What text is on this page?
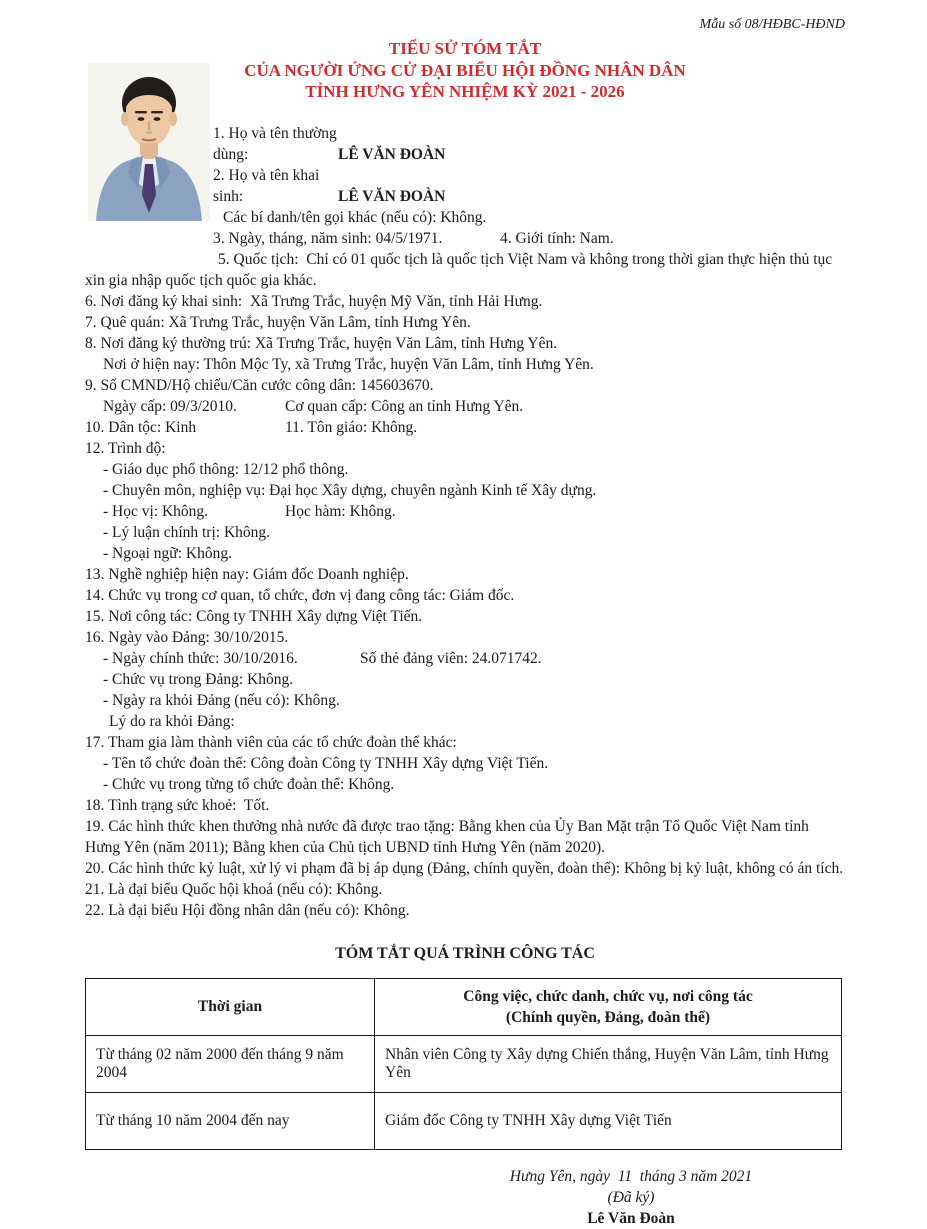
Mẫu số 08/HĐBC-HĐND
TIỂU SỬ TÓM TẮT
CỦA NGƯỜI ỨNG CỬ ĐẠI BIỂU HỘI ĐỒNG NHÂN DÂN
TỈNH HƯNG YÊN NHIỆM KỲ 2021 - 2026

1. Họ và tên thường dùng:	LÊ VĂN ĐOÀN

2. Họ và tên khai sinh:	LÊ VĂN ĐOÀN

Các bí danh/tên gọi khác (nếu có): Không.

3. Ngày, tháng, năm sinh: 04/5/1971.	4. Giới tính: Nam.

5. Quốc tịch:  Chỉ có 01 quốc tịch là quốc tịch Việt Nam và không trong thời gian thực hiện thủ tục xin gia nhập quốc tịch quốc gia khác.

6. Nơi đăng ký khai sinh:  Xã Trưng Trắc, huyện Mỹ Văn, tỉnh Hải Hưng.

7. Quê quán: Xã Trưng Trắc, huyện Văn Lâm, tỉnh Hưng Yên.

8. Nơi đăng ký thường trú: Xã Trưng Trắc, huyện Văn Lâm, tỉnh Hưng Yên.

Nơi ở hiện nay: Thôn Mộc Ty, xã Trưng Trắc, huyện Văn Lâm, tỉnh Hưng Yên.

9. Số CMND/Hộ chiếu/Căn cước công dân: 145603670.

Ngày cấp: 09/3/2010.	Cơ quan cấp: Công an tỉnh Hưng Yên.

10. Dân tộc: Kinh	11. Tôn giáo: Không.

12. Trình độ:

- Giáo dục phổ thông: 12/12 phổ thông.

- Chuyên môn, nghiệp vụ: Đại học Xây dựng, chuyên ngành Kinh tế Xây dựng.

- Học vị: Không.	Học hàm: Không.

- Lý luận chính trị: Không.

- Ngoại ngữ: Không.

13. Nghề nghiệp hiện nay: Giám đốc Doanh nghiệp.

14. Chức vụ trong cơ quan, tổ chức, đơn vị đang công tác: Giám đốc.

15. Nơi công tác: Công ty TNHH Xây dựng Việt Tiến.

16. Ngày vào Đảng: 30/10/2015.

- Ngày chính thức: 30/10/2016.	Số thẻ đảng viên: 24.071742.

- Chức vụ trong Đảng: Không.

- Ngày ra khỏi Đảng (nếu có): Không.

Lý do ra khỏi Đảng:

17. Tham gia làm thành viên của các tổ chức đoàn thể khác:

- Tên tổ chức đoàn thể: Công đoàn Công ty TNHH Xây dựng Việt Tiến.

- Chức vụ trong từng tổ chức đoàn thể: Không.

18. Tình trạng sức khoẻ:  Tốt.

19. Các hình thức khen thưởng nhà nước đã được trao tặng: Bằng khen của Ủy Ban Mặt trận Tổ Quốc Việt Nam tỉnh Hưng Yên (năm 2011); Bằng khen của Chủ tịch UBND tỉnh Hưng Yên (năm 2020).

20. Các hình thức kỷ luật, xử lý vi phạm đã bị áp dụng (Đảng, chính quyền, đoàn thể): Không bị kỷ luật, không có án tích.

21. Là đại biểu Quốc hội khoá (nếu có): Không.

22. Là đại biểu Hội đồng nhân dân (nếu có): Không.

TÓM TẮT QUÁ TRÌNH CÔNG TÁC
Thời gian	Công việc, chức danh, chức vụ, nơi công tác
(Chính quyền, Đảng, đoàn thể)

Từ tháng 02 năm 2000 đến tháng 9 năm 2004	Nhân viên Công ty Xây dựng Chiến thắng, Huyện Văn Lâm, tỉnh Hưng Yên
Từ tháng 10 năm 2004 đến nay	Giám đốc Công ty TNHH Xây dựng Việt Tiến
Hưng Yên, ngày  11  tháng 3 năm 2021
(Đã ký)
Lê Văn Đoàn
